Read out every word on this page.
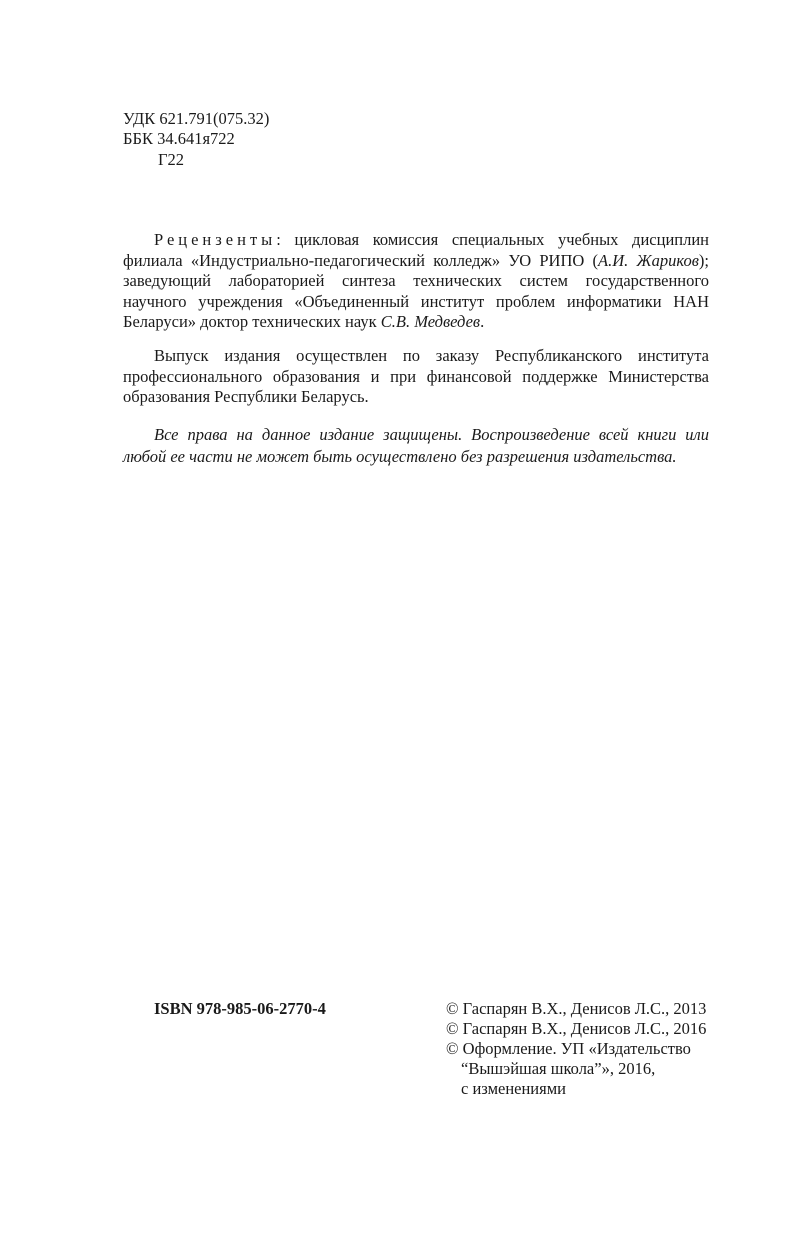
УДК 621.791(075.32)
ББК 34.641я722
Г22

Рецензенты: цикловая комиссия специальных учебных дисциплин филиала «Индустриально-педагогический колледж» УО РИПО (А.И. Жариков); заведующий лабораторией синтеза технических систем государственного научного учреждения «Объединенный институт проблем информатики НАН Беларуси» доктор технических наук С.В. Медведев.

Выпуск издания осуществлен по заказу Республиканского института профессионального образования и при финансовой поддержке Министерства образования Республики Беларусь.

Все права на данное издание защищены. Воспроизведение всей книги или любой ее части не может быть осуществлено без разрешения издательства.

ISBN 978-985-06-2770-4	© Гаспарян В.Х., Денисов Л.С., 2013
© Гаспарян В.Х., Денисов Л.С., 2016
© Оформление. УП «Издательство
“Вышэйшая школа”», 2016,
с изменениями
